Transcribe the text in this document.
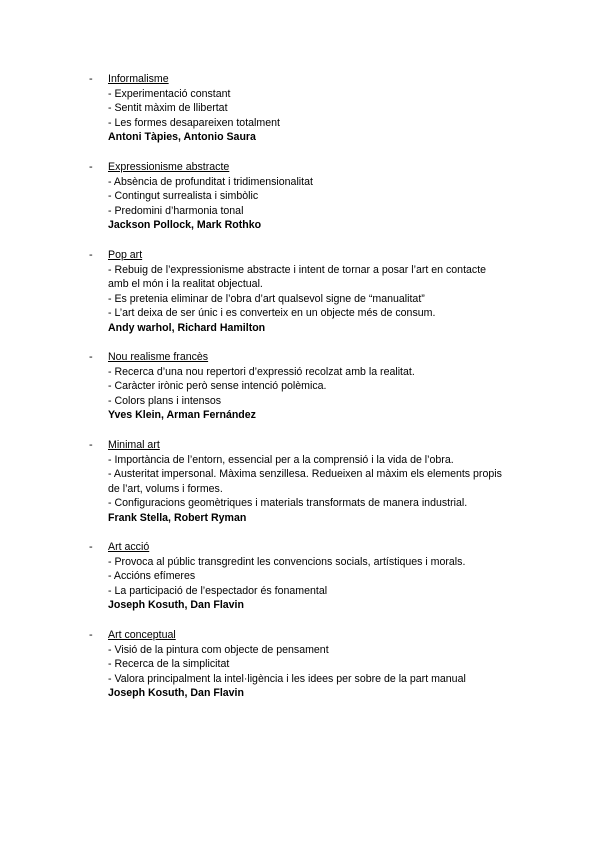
- Informalisme
- Experimentació constant
- Sentit màxim de llibertat
- Les formes desapareixen totalment
Antoni Tàpies, Antonio Saura
- Expressionisme abstracte
- Absència de profunditat i tridimensionalitat
- Contingut surrealista i simbòlic
- Predomini d’harmonia tonal
Jackson Pollock, Mark Rothko
- Pop art
- Rebuig de l’expressionisme abstracte i intent de tornar a posar l’art en contacte
amb el món i la realitat objectual.
- Es pretenia eliminar de l’obra d’art qualsevol signe de “manualitat”
- L’art deixa de ser únic i es converteix en un objecte més de consum.
Andy warhol, Richard Hamilton
- Nou realisme francès
- Recerca d’una nou repertori d’expressió recolzat amb la realitat.
- Caràcter irònic però sense intenció polèmica.
- Colors plans i intensos
Yves Klein, Arman Fernández
- Minimal art
- Importància de l’entorn, essencial per a la comprensió i la vida de l’obra.
- Austeritat impersonal. Màxima senzillesa. Redueixen al màxim els elements propis
de l’art, volums i formes.
- Configuracions geomètriques i materials transformats de manera industrial.
Frank Stella, Robert Ryman
- Art acció
- Provoca al públic transgredint les convencions socials, artístiques i morals.
- Accións efímeres
- La participació de l’espectador és fonamental
Joseph Kosuth, Dan Flavin
- Art conceptual
- Visió de la pintura com objecte de pensament
- Recerca de la simplicitat
- Valora principalment la intel·ligència i les idees per sobre de la part manual
Joseph Kosuth, Dan Flavin
